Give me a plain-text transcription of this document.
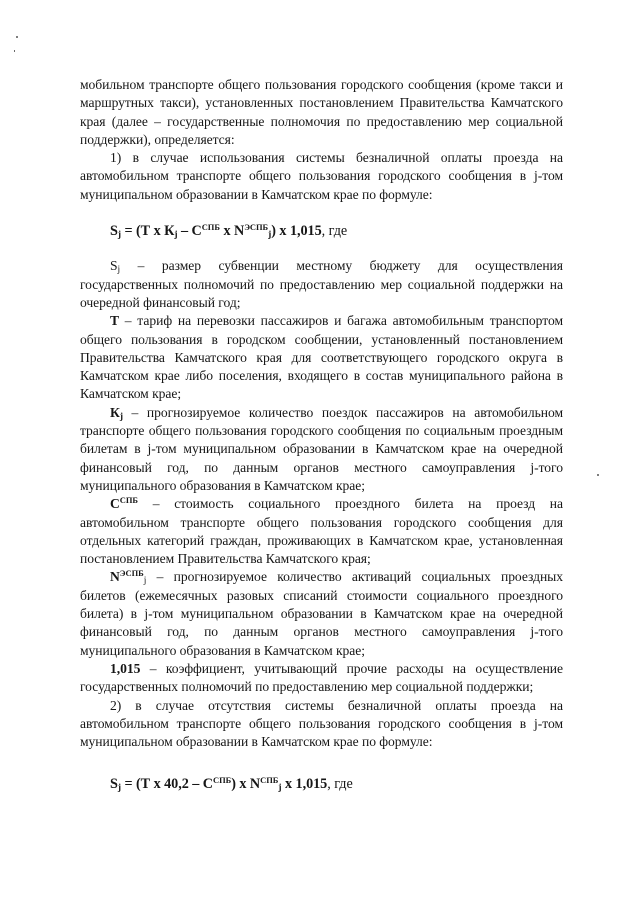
мобильном транспорте общего пользования городского сообщения (кроме такси и маршрутных такси), установленных постановлением Правительства Камчатского края (далее – государственные полномочия по предоставлению мер социальной поддержки), определяется:

1) в случае использования системы безналичной оплаты проезда на автомобильном транспорте общего пользования городского сообщения в j-том муниципальном образовании в Камчатском крае по формуле:

$S_j = (Т$ х $К_j - С^{СПБ}$ х $N^{ЭСПБ}_j$) х 1,015, где

$S_j$ – размер субвенции местному бюджету для осуществления государственных полномочий по предоставлению мер социальной поддержки на очередной финансовый год;

Т – тариф на перевозки пассажиров и багажа автомобильным транспортом общего пользования в городском сообщении, установленный постановлением Правительства Камчатского края для соответствующего городского округа в Камчатском крае либо поселения, входящего в состав муниципального района в Камчатском крае;

$К_j$ – прогнозируемое количество поездок пассажиров на автомобильном транспорте общего пользования городского сообщения по социальным проездным билетам в j-том муниципальном образовании в Камчатском крае на очередной финансовый год, по данным органов местного самоуправления j-того муниципального образования в Камчатском крае;

$С^{СПБ}$ – стоимость социального проездного билета на проезд на автомобильном транспорте общего пользования городского сообщения для отдельных категорий граждан, проживающих в Камчатском крае, установленная постановлением Правительства Камчатского края;

$N^{ЭСПБ}_j$ – прогнозируемое количество активаций социальных проездных билетов (ежемесячных разовых списаний стоимости социального проездного билета) в j-том муниципальном образовании в Камчатском крае на очередной финансовый год, по данным органов местного самоуправления j-того муниципального образования в Камчатском крае;

1,015 – коэффициент, учитывающий прочие расходы на осуществление государственных полномочий по предоставлению мер социальной поддержки;

2) в случае отсутствия системы безналичной оплаты проезда на автомобильном транспорте общего пользования городского сообщения в j-том муниципальном образовании в Камчатском крае по формуле:

$S_j = (Т$ х $40,2 - С^{СПБ}$) х $N^{СПБ}_j$ х 1,015, где
